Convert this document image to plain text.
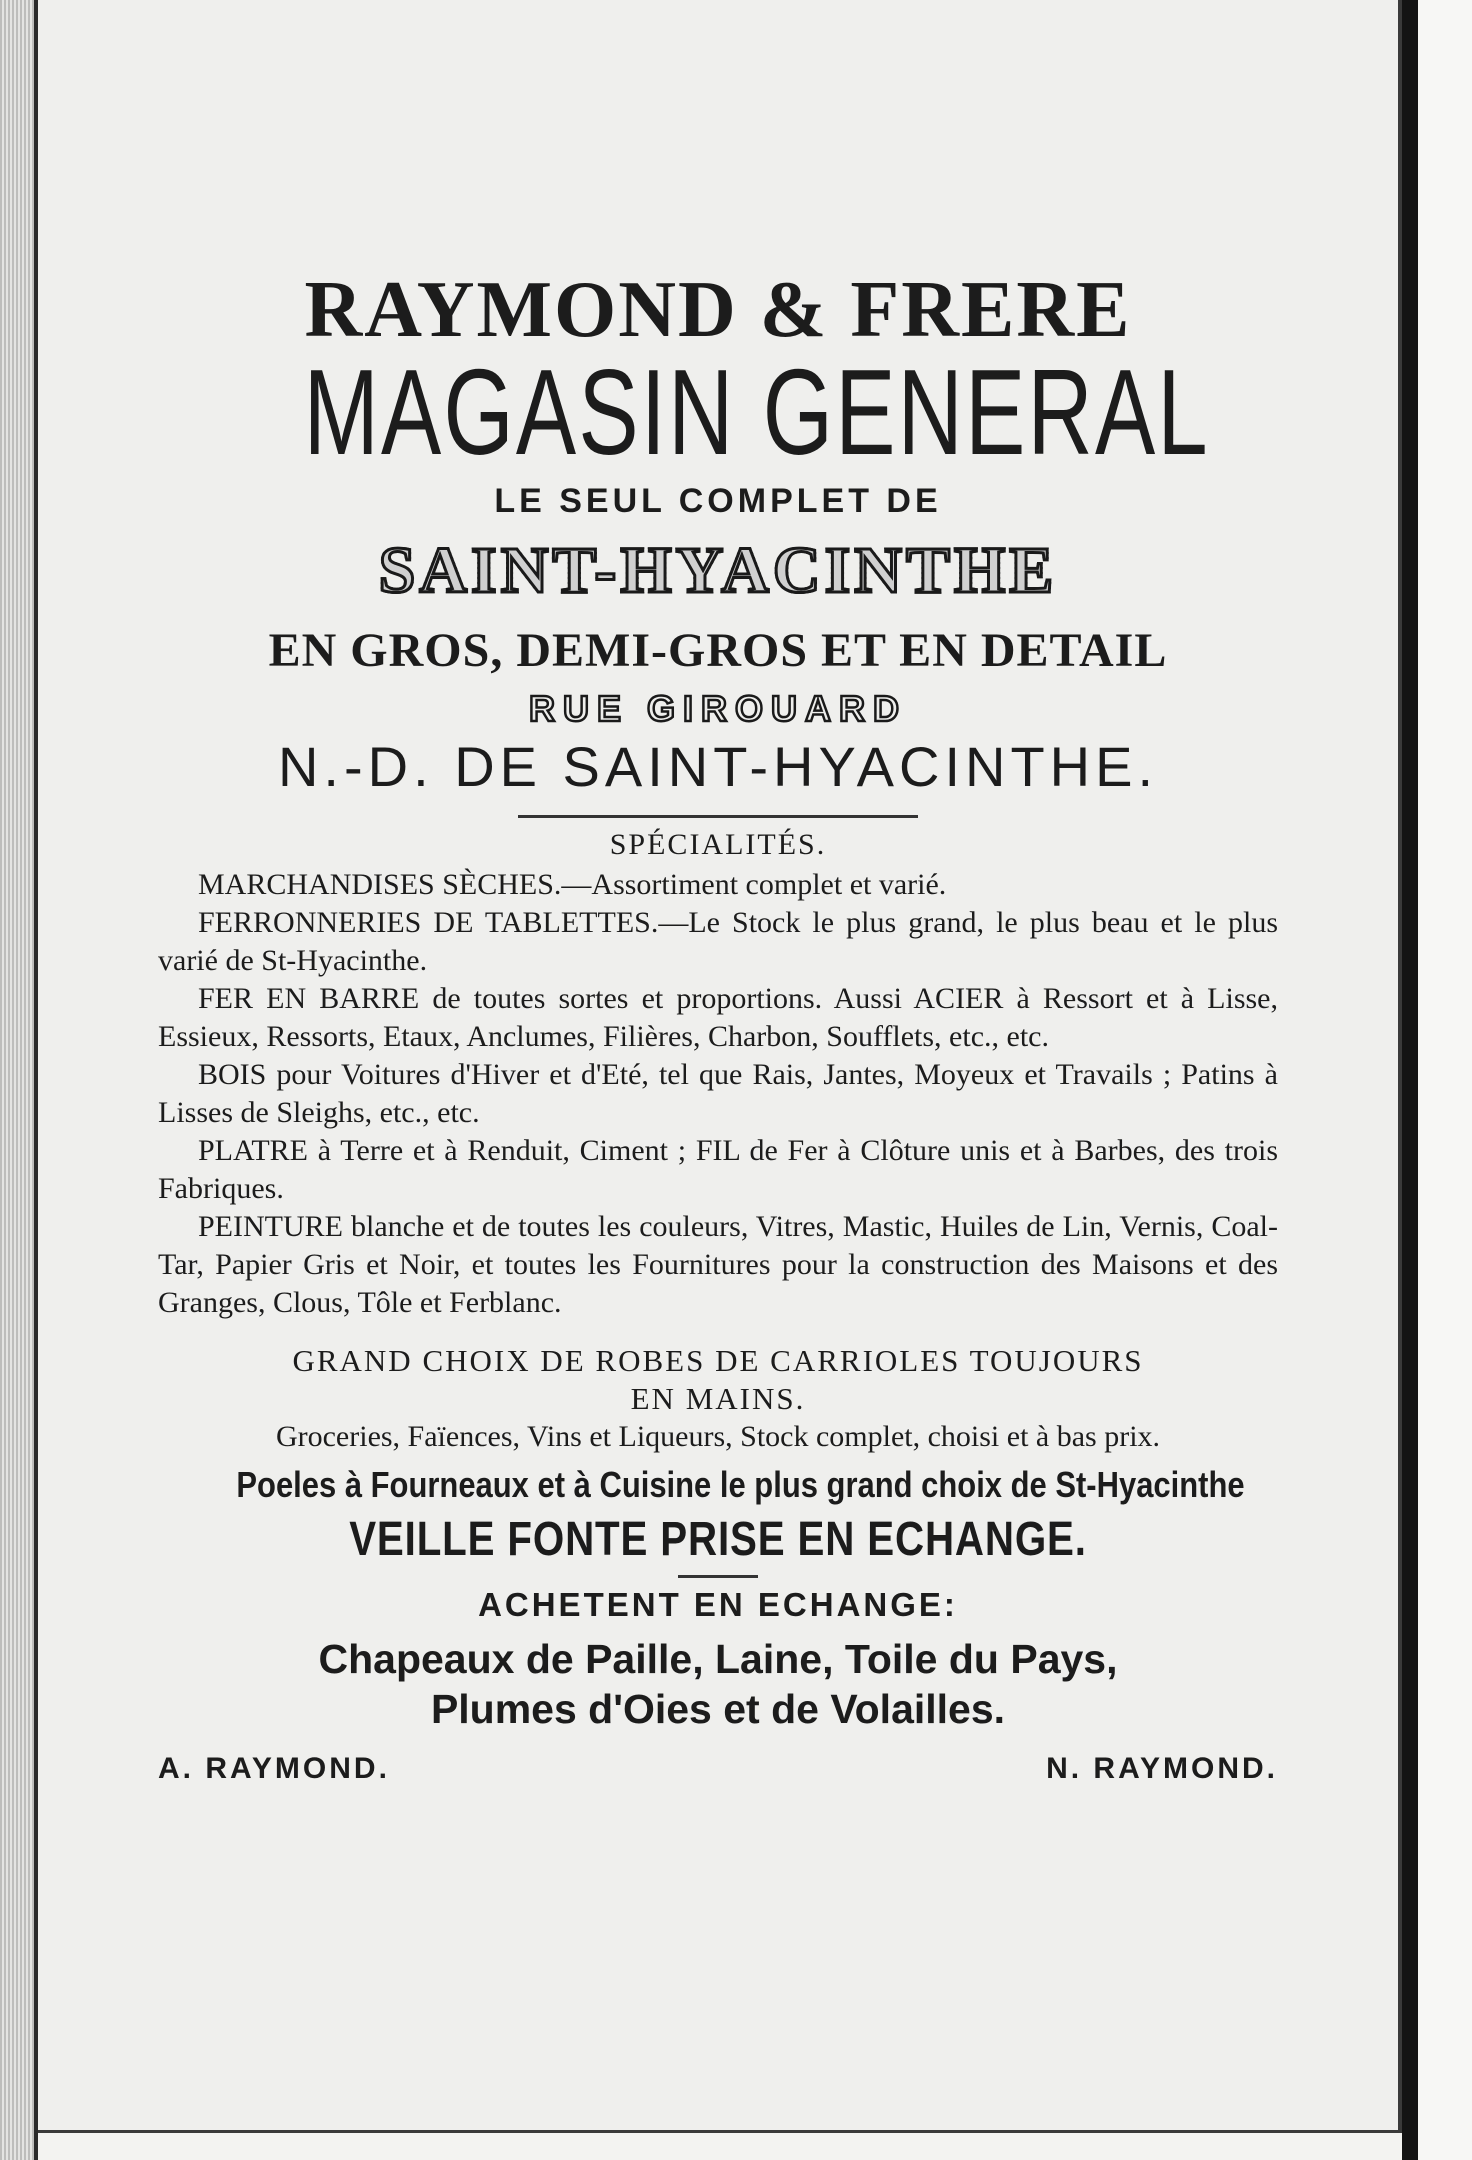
RAYMOND & FRERE
MAGASIN GENERAL
LE SEUL COMPLET DE
SAINT-HYACINTHE
EN GROS, DEMI-GROS ET EN DETAIL
RUE GIROUARD
N.-D. DE SAINT-HYACINTHE.
SPÉCIALITÉS.

MARCHANDISES SÈCHES.—Assortiment complet et varié.

FERRONNERIES DE TABLETTES.—Le Stock le plus grand, le plus beau et le plus varié de St-Hyacinthe.

FER EN BARRE de toutes sortes et proportions. Aussi ACIER à Ressort et à Lisse, Essieux, Ressorts, Etaux, Anclumes, Filières, Charbon, Soufflets, etc., etc.

BOIS pour Voitures d'Hiver et d'Eté, tel que Rais, Jantes, Moyeux et Travails ; Patins à Lisses de Sleighs, etc., etc.

PLATRE à Terre et à Renduit, Ciment ; FIL de Fer à Clôture unis et à Barbes, des trois Fabriques.

PEINTURE blanche et de toutes les couleurs, Vitres, Mastic, Huiles de Lin, Vernis, Coal-Tar, Papier Gris et Noir, et toutes les Fournitures pour la construction des Maisons et des Granges, Clous, Tôle et Ferblanc.

GRAND CHOIX DE ROBES DE CARRIOLES TOUJOURS
EN MAINS.
Groceries, Faïences, Vins et Liqueurs, Stock complet, choisi et à bas prix.
Poeles à Fourneaux et à Cuisine le plus grand choix de St-Hyacinthe
VEILLE FONTE PRISE EN ECHANGE.
ACHETENT EN ECHANGE:
Chapeaux de Paille, Laine, Toile du Pays,
Plumes d'Oies et de Volailles.
A. RAYMOND.	N. RAYMOND.
